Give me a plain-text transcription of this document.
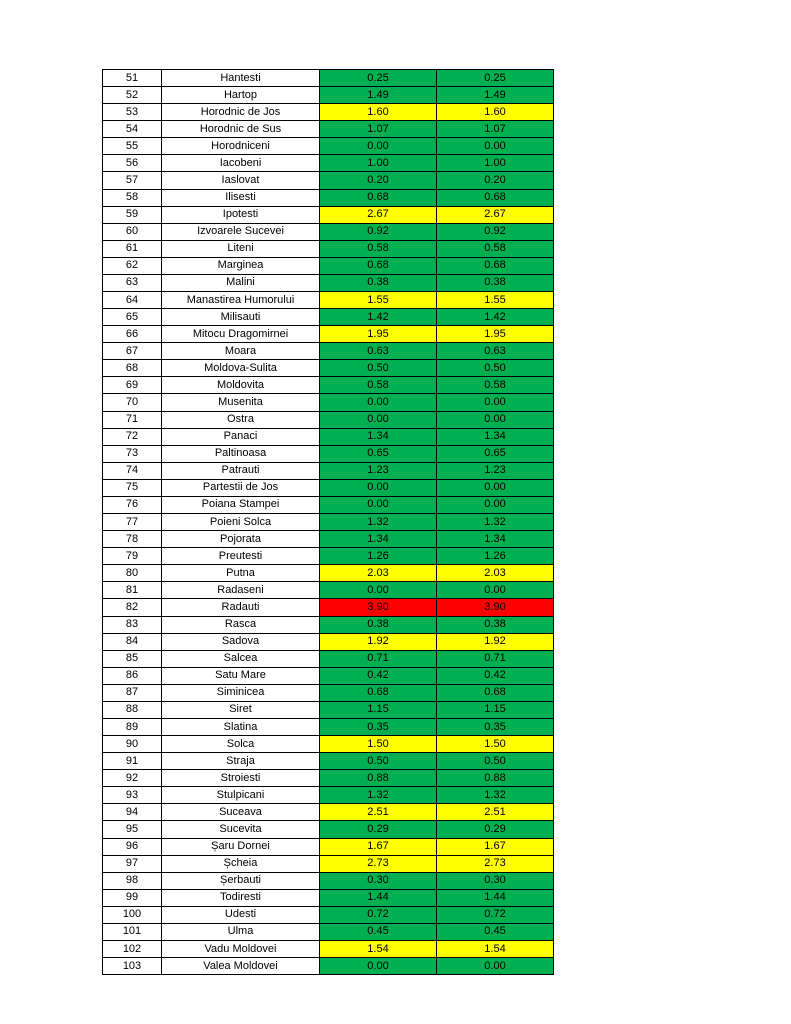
51	Hantesti	0.25	0.25
52	Hartop	1.49	1.49
53	Horodnic de Jos	1.60	1.60
54	Horodnic de Sus	1.07	1.07
55	Horodniceni	0.00	0.00
56	Iacobeni	1.00	1.00
57	Iaslovat	0.20	0.20
58	Ilisesti	0.68	0.68
59	Ipotesti	2.67	2.67
60	Izvoarele Sucevei	0.92	0.92
61	Liteni	0.58	0.58
62	Marginea	0.68	0.68
63	Malini	0.38	0.38
64	Manastirea Humorului	1.55	1.55
65	Milisauti	1.42	1.42
66	Mitocu Dragomirnei	1.95	1.95
67	Moara	0.63	0.63
68	Moldova-Sulita	0.50	0.50
69	Moldovita	0.58	0.58
70	Musenita	0.00	0.00
71	Ostra	0.00	0.00
72	Panaci	1.34	1.34
73	Paltinoasa	0.65	0.65
74	Patrauti	1.23	1.23
75	Partestii de Jos	0.00	0.00
76	Poiana Stampei	0.00	0.00
77	Poieni Solca	1.32	1.32
78	Pojorata	1.34	1.34
79	Preutesti	1.26	1.26
80	Putna	2.03	2.03
81	Radaseni	0.00	0.00
82	Radauti	3.90	3.90
83	Rasca	0.38	0.38
84	Sadova	1.92	1.92
85	Salcea	0.71	0.71
86	Satu Mare	0.42	0.42
87	Siminicea	0.68	0.68
88	Siret	1.15	1.15
89	Slatina	0.35	0.35
90	Solca	1.50	1.50
91	Straja	0.50	0.50
92	Stroiesti	0.88	0.88
93	Stulpicani	1.32	1.32
94	Suceava	2.51	2.51
95	Sucevita	0.29	0.29
96	Șaru Dornei	1.67	1.67
97	Șcheia	2.73	2.73
98	Șerbauti	0.30	0.30
99	Todiresti	1.44	1.44
100	Udesti	0.72	0.72
101	Ulma	0.45	0.45
102	Vadu Moldovei	1.54	1.54
103	Valea Moldovei	0.00	0.00
